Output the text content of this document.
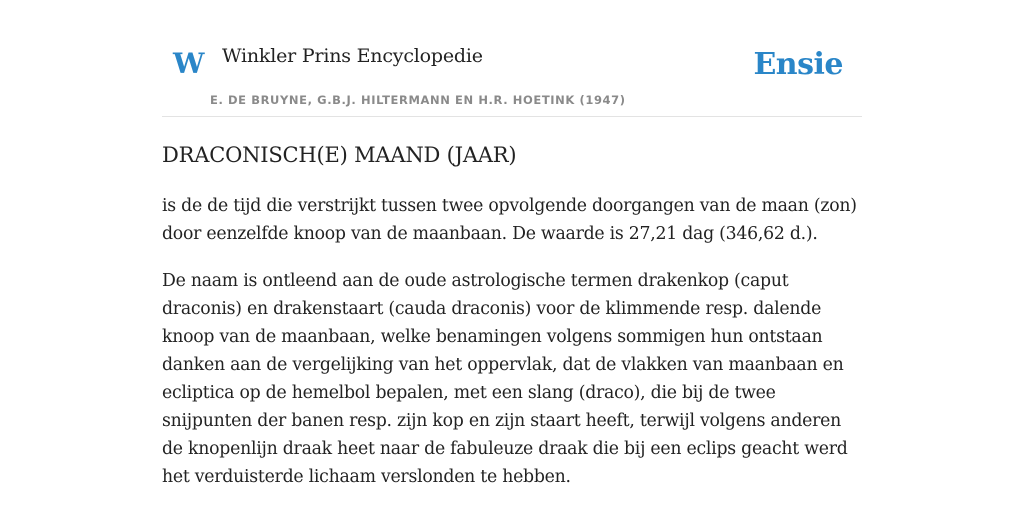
W Winkler Prins Encyclopedie
E. DE BRUYNE, G.B.J. HILTERMANN EN H.R. HOETINK (1947)
Ensie
DRACONISCH(E) MAAND (JAAR)

is de de tijd die verstrijkt tussen twee opvolgende doorgangen van de maan (zon) door eenzelfde knoop van de maanbaan. De waarde is 27,21 dag (346,62 d.).

De naam is ontleend aan de oude astrologische termen drakenkop (caput draconis) en drakenstaart (cauda draconis) voor de klimmende resp. dalende knoop van de maanbaan, welke benamingen volgens sommigen hun ontstaan danken aan de vergelijking van het oppervlak, dat de vlakken van maanbaan en ecliptica op de hemelbol bepalen, met een slang (draco), die bij de twee snijpunten der banen resp. zijn kop en zijn staart heeft, terwijl volgens anderen de knopenlijn draak heet naar de fabuleuze draak die bij een eclips geacht werd het verduisterde lichaam verslonden te hebben.
